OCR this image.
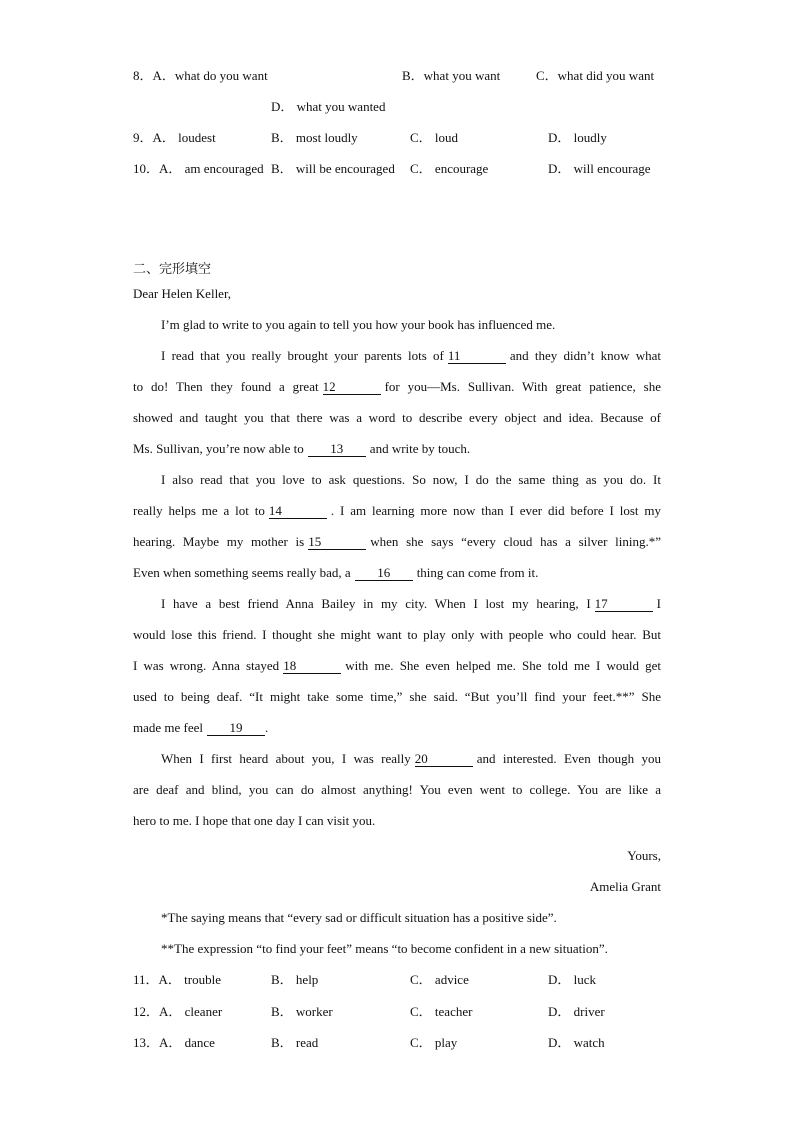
8．A．what do you want	B．what you want	C．what did you want
D． what you wanted
9．A． loudest	B． most loudly	C． loud	D． loudly
10．A． am encouraged B． will be encouraged C． encourage	D． will encourage
二、完形填空
Dear Helen Keller,
I’m glad to write to you again to tell you how your book has influenced me.
I read that you really brought your parents lots of 11	and they didn’t know what
to do! Then they found a great 12	for you—Ms. Sullivan. With great patience, she
showed and taught you that there was a word to describe every object and idea. Because of
Ms. Sullivan, you’re now able to 13 and write by touch.
I also read that you love to ask questions. So now, I do the same thing as you do. It
really helps me a lot to 14	. I am learning more now than I ever did before I lost my
hearing. Maybe my mother is 15	when she says “every cloud has a silver lining.*”
Even when something seems really bad, a 16 thing can come from it.
I have a best friend Anna Bailey in my city. When I lost my hearing, I 17	I
would lose this friend. I thought she might want to play only with people who could hear. But
I was wrong. Anna stayed 18	with me. She even helped me. She told me I would get
used to being deaf. “It might take some time,” she said. “But you’ll find your feet.**” She
made me feel 19 .
When I first heard about you, I was really 20	and interested. Even though you
are deaf and blind, you can do almost anything! You even went to college. You are like a
hero to me. I hope that one day I can visit you.
Yours,
Amelia Grant
*The saying means that “every sad or difficult situation has a positive side”.
**The expression “to find your feet” means “to become confident in a new situation”.
11．A． trouble	B． help	C． advice	D． luck
12．A． cleaner	B． worker	C． teacher	D． driver
13．A． dance	B． read	C． play	D． watch
